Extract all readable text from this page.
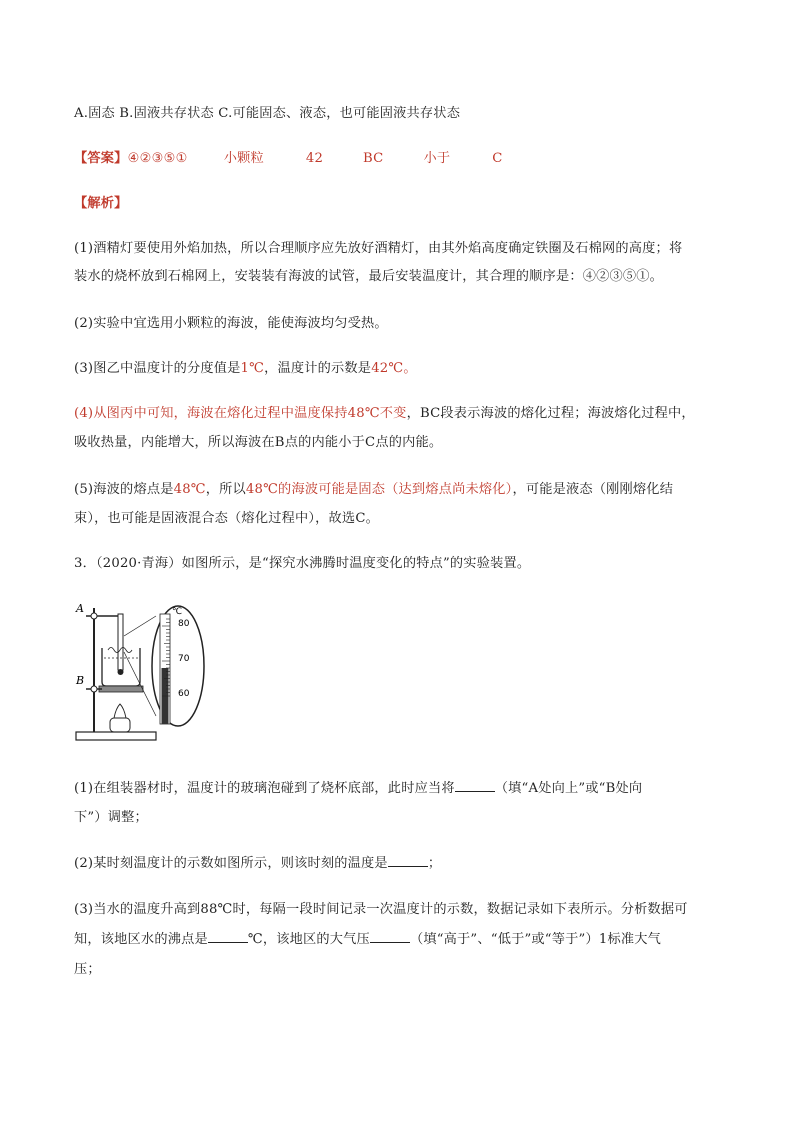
A.固态 B.固液共存状态 C.可能固态、液态，也可能固液共存状态
【答案】④②③⑤①	小颗粒	42	BC	小于	C
【解析】
(1)酒精灯要使用外焰加热，所以合理顺序应先放好酒精灯，由其外焰高度确定铁圈及石棉网的高度；将
装水的烧杯放到石棉网上，安装装有海波的试管，最后安装温度计，其合理的顺序是：④②③⑤①。
(2)实验中宜选用小颗粒的海波，能使海波均匀受热。
(3)图乙中温度计的分度值是1℃，温度计的示数是42℃。
(4)从图丙中可知，海波在熔化过程中温度保持48℃不变，BC段表示海波的熔化过程；海波熔化过程中，
吸收热量，内能增大，所以海波在B点的内能小于C点的内能。
(5)海波的熔点是48℃，所以48℃的海波可能是固态（达到熔点尚未熔化），可能是液态（刚刚熔化结
束），也可能是固液混合态（熔化过程中），故选C。
3．（2020·青海）如图所示，是“探究水沸腾时温度变化的特点”的实验装置。
A
B
℃
80
70
60
(1)在组装器材时，温度计的玻璃泡碰到了烧杯底部，此时应当将	（填“A处向上”或“B处向
下”）调整；
(2)某时刻温度计的示数如图所示，则该时刻的温度是	；
(3)当水的温度升高到88℃时，每隔一段时间记录一次温度计的示数，数据记录如下表所示。分析数据可
知，该地区水的沸点是	℃，该地区的大气压	（填“高于”、“低于”或“等于”）1标准大气
压；
